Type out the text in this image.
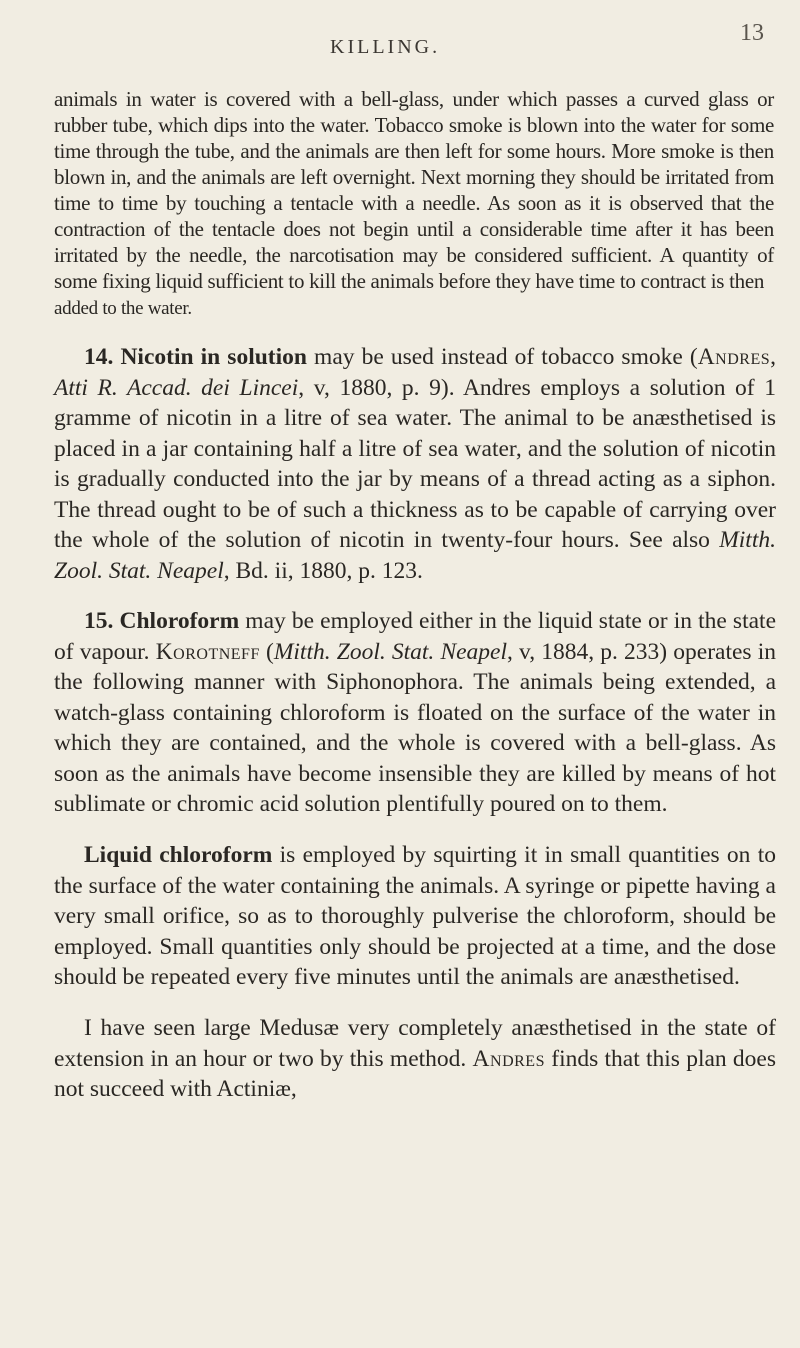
KILLING.
13

animals in water is covered with a bell-glass, under which passes a curved glass or rubber tube, which dips into the water. Tobacco smoke is blown into the water for some time through the tube, and the animals are then left for some hours. More smoke is then blown in, and the animals are left overnight. Next morning they should be irritated from time to time by touching a tentacle with a needle. As soon as it is observed that the contraction of the tentacle does not begin until a considerable time after it has been irritated by the needle, the narcotisation may be considered sufficient. A quantity of some fixing liquid sufficient to kill the animals before they have time to contract is then
added to the water.

14. Nicotin in solution may be used instead of tobacco smoke (Andres, Atti R. Accad. dei Lincei, v, 1880, p. 9). Andres employs a solution of 1 gramme of nicotin in a litre of sea water. The animal to be anæsthetised is placed in a jar containing half a litre of sea water, and the solution of nicotin is gradually conducted into the jar by means of a thread acting as a siphon. The thread ought to be of such a thickness as to be capable of carrying over the whole of the solution of nicotin in twenty-four hours. See also Mitth. Zool. Stat. Neapel, Bd. ii, 1880, p. 123.

15. Chloroform may be employed either in the liquid state or in the state of vapour. Korotneff (Mitth. Zool. Stat. Neapel, v, 1884, p. 233) operates in the following manner with Siphonophora. The animals being extended, a watch-glass containing chloroform is floated on the surface of the water in which they are contained, and the whole is covered with a bell-glass. As soon as the animals have become insensible they are killed by means of hot sublimate or chromic acid solution plentifully poured on to them.

Liquid chloroform is employed by squirting it in small quantities on to the surface of the water containing the animals. A syringe or pipette having a very small orifice, so as to thoroughly pulverise the chloroform, should be employed. Small quantities only should be projected at a time, and the dose should be repeated every five minutes until the animals are anæsthetised.

I have seen large Medusæ very completely anæsthetised in the state of extension in an hour or two by this method. Andres finds that this plan does not succeed with Actiniæ,
